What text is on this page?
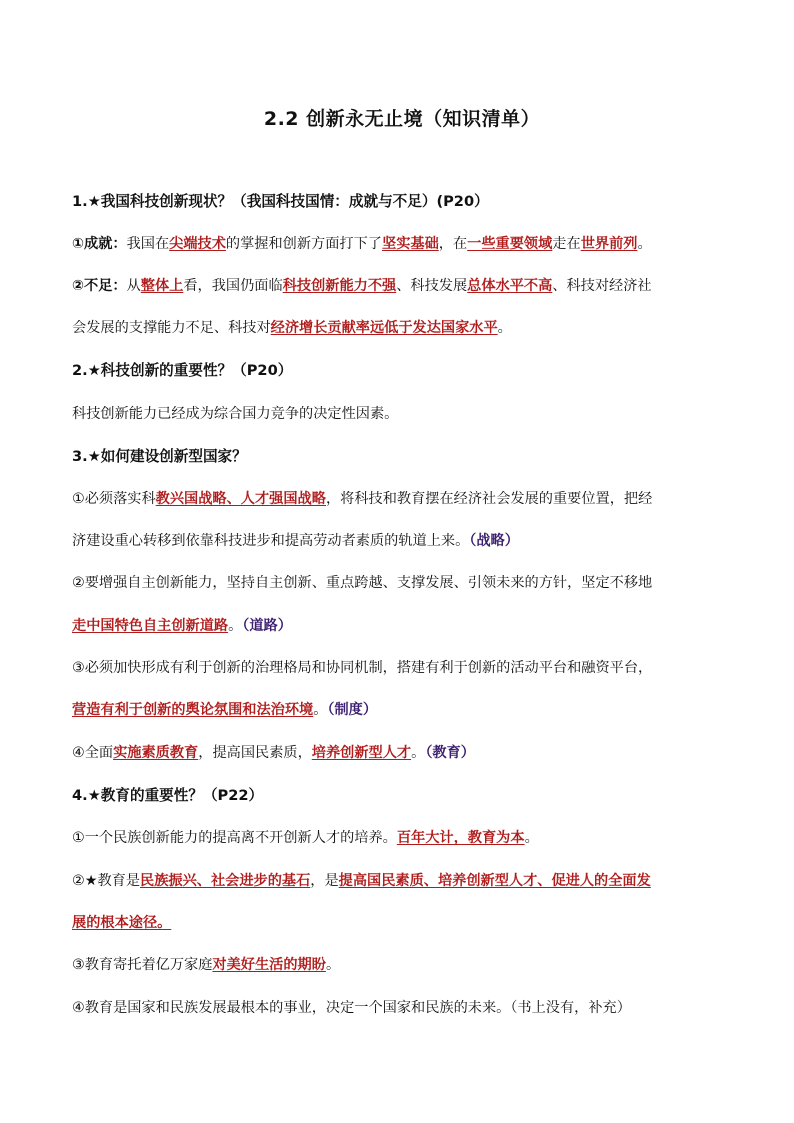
2.2 创新永无止境（知识清单）
1.★我国科技创新现状？（我国科技国情：成就与不足）(P20）
①成就：我国在尖端技术的掌握和创新方面打下了坚实基础，在一些重要领域走在世界前列。
②不足：从整体上看，我国仍面临科技创新能力不强、科技发展总体水平不高、科技对经济社
会发展的支撑能力不足、科技对经济增长贡献率远低于发达国家水平。
2.★科技创新的重要性？（P20）
科技创新能力已经成为综合国力竞争的决定性因素。
3.★如何建设创新型国家？
①必须落实科教兴国战略、人才强国战略，将科技和教育摆在经济社会发展的重要位置，把经
济建设重心转移到依靠科技进步和提高劳动者素质的轨道上来。（战略）
②要增强自主创新能力，坚持自主创新、重点跨越、支撑发展、引领未来的方针，坚定不移地
走中国特色自主创新道路。（道路）
③必须加快形成有利于创新的治理格局和协同机制，搭建有利于创新的活动平台和融资平台，
营造有利于创新的舆论氛围和法治环境。（制度）
④全面实施素质教育，提高国民素质，培养创新型人才。（教育）
4.★教育的重要性？（P22）
①一个民族创新能力的提高离不开创新人才的培养。百年大计，教育为本。
②★教育是民族振兴、社会进步的基石，是提高国民素质、培养创新型人才、促进人的全面发
展的根本途径。
③教育寄托着亿万家庭对美好生活的期盼。
④教育是国家和民族发展最根本的事业，决定一个国家和民族的未来。（书上没有，补充）
